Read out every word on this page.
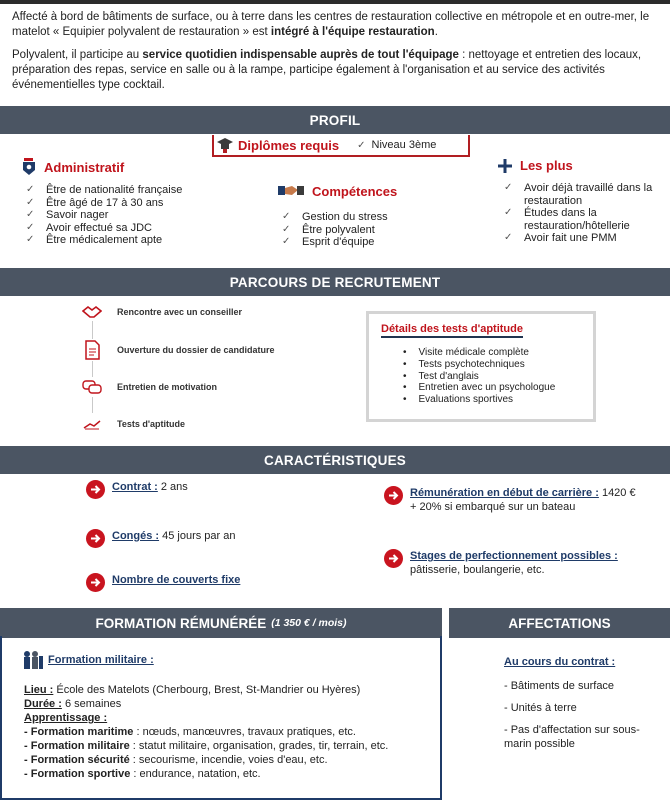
Affecté à bord de bâtiments de surface, ou à terre dans les centres de restauration collective en métropole et en outre-mer, le matelot « Equipier polyvalent de restauration » est intégré à l'équipe restauration.

Polyvalent, il participe au service quotidien indispensable auprès de tout l'équipage : nettoyage et entretien des locaux, préparation des repas, service en salle ou à la rampe, participe également à l'organisation et au service des activités événementielles type cocktail.

PROFIL
Diplômes requis ✓ Niveau 3ème
Administratif
✓	Être de nationalité française
✓	Être âgé de 17 à 30 ans
✓	Savoir nager
✓	Avoir effectué sa JDC
✓	Être médicalement apte
Compétences
✓	Gestion du stress
✓	Être polyvalent
✓	Esprit d'équipe
Les plus
✓	Avoir déjà travaillé dans la restauration
✓	Études dans la restauration/hôtellerie
✓	Avoir fait une PMM
PARCOURS DE RECRUTEMENT
Rencontre avec un conseiller
Ouverture du dossier de candidature
Entretien de motivation
Tests d'aptitude
Détails des tests d'aptitude
• Visite médicale complète
• Tests psychotechniques
• Test d'anglais
• Entretien avec un psychologue
• Evaluations sportives
CARACTÉRISTIQUES
Contrat : 2 ans
Congés : 45 jours par an
Nombre de couverts fixe
Rémunération en début de carrière : 1420 €
+ 20% si embarqué sur un bateau
Stages de perfectionnement possibles :
pâtisserie, boulangerie, etc.
FORMATION RÉMUNÉRÉE (1 350 € / mois)
Formation militaire :
Lieu : École des Matelots (Cherbourg, Brest, St-Mandrier ou Hyères)
Durée : 6 semaines
Apprentissage :
- Formation maritime : nœuds, manœuvres, travaux pratiques, etc.
- Formation militaire : statut militaire, organisation, grades, tir, terrain, etc.
- Formation sécurité : secourisme, incendie, voies d'eau, etc.
- Formation sportive : endurance, natation, etc.
AFFECTATIONS
Au cours du contrat :

- Bâtiments de surface

- Unités à terre

- Pas d'affectation sur sous-marin possible
